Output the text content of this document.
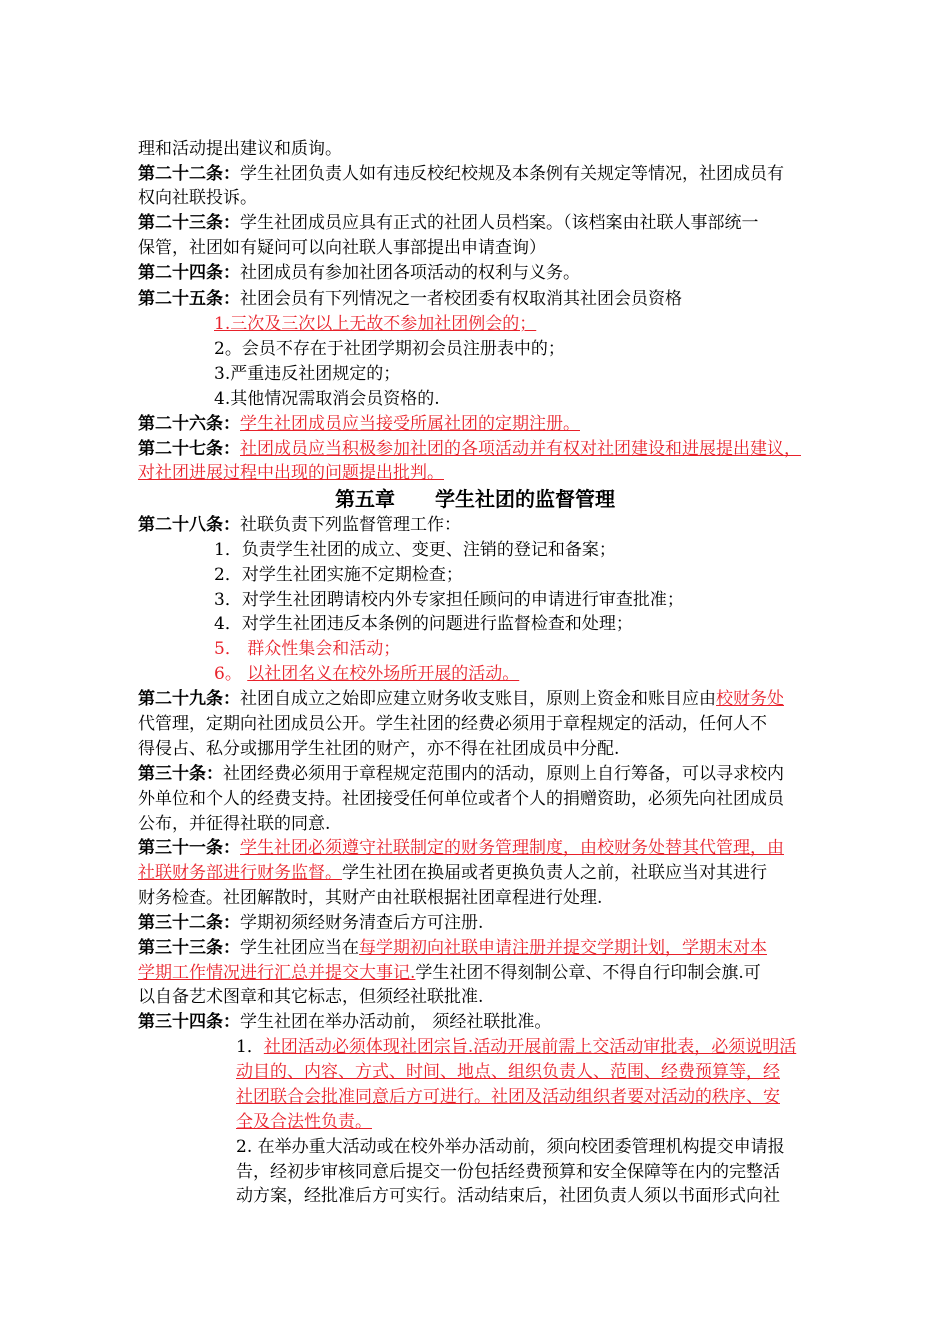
理和活动提出建议和质询。
第二十二条：学生社团负责人如有违反校纪校规及本条例有关规定等情况，社团成员有
权向社联投诉。
第二十三条：学生社团成员应具有正式的社团人员档案。（该档案由社联人事部统一
保管，社团如有疑问可以向社联人事部提出申请查询）
第二十四条：社团成员有参加社团各项活动的权利与义务。
第二十五条：社团会员有下列情况之一者校团委有权取消其社团会员资格
1.三次及三次以上无故不参加社团例会的；
2。会员不存在于社团学期初会员注册表中的；
3.严重违反社团规定的；
4.其他情况需取消会员资格的.
第二十六条：学生社团成员应当接受所属社团的定期注册。
第二十七条：社团成员应当积极参加社团的各项活动并有权对社团建设和进展提出建议，
对社团进展过程中出现的问题提出批判。
第五章 学生社团的监督管理
第二十八条：社联负责下列监督管理工作：
1．负责学生社团的成立、变更、注销的登记和备案；
2．对学生社团实施不定期检查；
3．对学生社团聘请校内外专家担任顾问的申请进行审查批准；
4．对学生社团违反本条例的问题进行监督检查和处理；
5． 群众性集会和活动；
6。 以社团名义在校外场所开展的活动。
第二十九条：社团自成立之始即应建立财务收支账目，原则上资金和账目应由校财务处
代管理，定期向社团成员公开。学生社团的经费必须用于章程规定的活动，任何人不
得侵占、私分或挪用学生社团的财产，亦不得在社团成员中分配.
第三十条：社团经费必须用于章程规定范围内的活动，原则上自行筹备，可以寻求校内
外单位和个人的经费支持。社团接受任何单位或者个人的捐赠资助，必须先向社团成员
公布，并征得社联的同意.
第三十一条：学生社团必须遵守社联制定的财务管理制度，由校财务处替其代管理，由
社联财务部进行财务监督。学生社团在换届或者更换负责人之前，社联应当对其进行
财务检查。社团解散时，其财产由社联根据社团章程进行处理.
第三十二条：学期初须经财务清查后方可注册.
第三十三条：学生社团应当在每学期初向社联申请注册并提交学期计划，学期末对本
学期工作情况进行汇总并提交大事记.学生社团不得刻制公章、不得自行印制会旗.可
以自备艺术图章和其它标志，但须经社联批准.
第三十四条：学生社团在举办活动前， 须经社联批准。
1．社团活动必须体现社团宗旨.活动开展前需上交活动审批表，必须说明活
动目的、内容、方式、时间、地点、组织负责人、范围、经费预算等，经
社团联合会批准同意后方可进行。社团及活动组织者要对活动的秩序、安
全及合法性负责。
2. 在举办重大活动或在校外举办活动前，须向校团委管理机构提交申请报
告，经初步审核同意后提交一份包括经费预算和安全保障等在内的完整活
动方案，经批准后方可实行。活动结束后，社团负责人须以书面形式向社
